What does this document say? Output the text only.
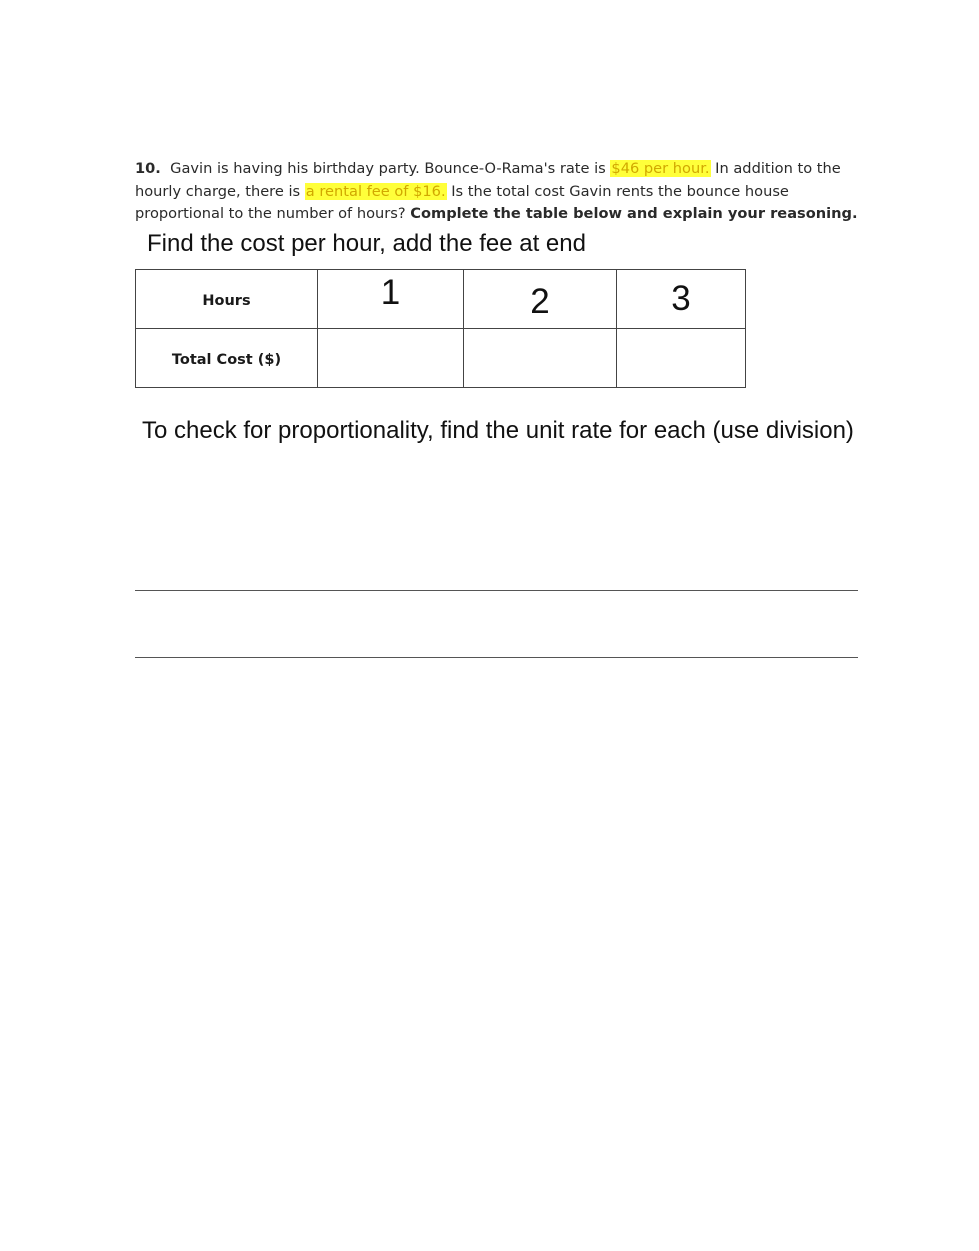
10. Gavin is having his birthday party. Bounce-O-Rama's rate is $46 per hour. In addition to the hourly charge, there is a rental fee of $16. Is the total cost Gavin rents the bounce house proportional to the number of hours? Complete the table below and explain your reasoning.
Find the cost per hour, add the fee at end
Hours	1	2	3
Total Cost ($)			
To check for proportionality, find the unit rate for each (use division)
